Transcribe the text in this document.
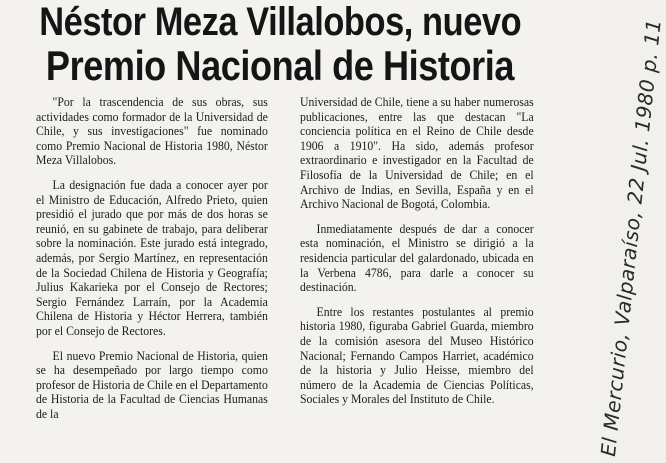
Néstor Meza Villalobos, nuevo
Premio Nacional de Historia

"Por la trascendencia de sus obras, sus actividades como formador de la Universidad de Chile, y sus investigaciones" fue nominado como Premio Nacional de Historia 1980, Néstor Meza Villalobos.

La designación fue dada a conocer ayer por el Ministro de Educación, Alfredo Prieto, quien presidió el jurado que por más de dos horas se reunió, en su gabinete de trabajo, para deliberar sobre la nominación. Este jurado está integrado, además, por Sergio Martínez, en representación de la Sociedad Chilena de Historia y Geografía; Julius Kakarieka por el Consejo de Rectores; Sergio Fernández Larraín, por la Academia Chilena de Historia y Héctor Herrera, también por el Consejo de Rectores.

El nuevo Premio Nacional de Historia, quien se ha desempeñado por largo tiempo como profesor de Historia de Chile en el Departamento de Historia de la Facultad de Ciencias Humanas de la

Universidad de Chile, tiene a su haber numerosas publicaciones, entre las que destacan "La conciencia política en el Reino de Chile desde 1906 a 1910". Ha sido, además profesor extraordinario e investigador en la Facultad de Filosofía de la Universidad de Chile; en el Archivo de Indias, en Sevilla, España y en el Archivo Nacional de Bogotá, Colombia.

Inmediatamente después de dar a conocer esta nominación, el Ministro se dirigió a la residencia particular del galardonado, ubicada en la Verbena 4786, para darle a conocer su destinación.

Entre los restantes postulantes al premio historia 1980, figuraba Gabriel Guarda, miembro de la comisión asesora del Museo Histórico Nacional; Fernando Campos Harriet, académico de la historia y Julio Heisse, miembro del número de la Academia de Ciencias Políticas, Sociales y Morales del Instituto de Chile.	El Mercurio, Valparaíso, 22 Jul. 1980 p. 11
